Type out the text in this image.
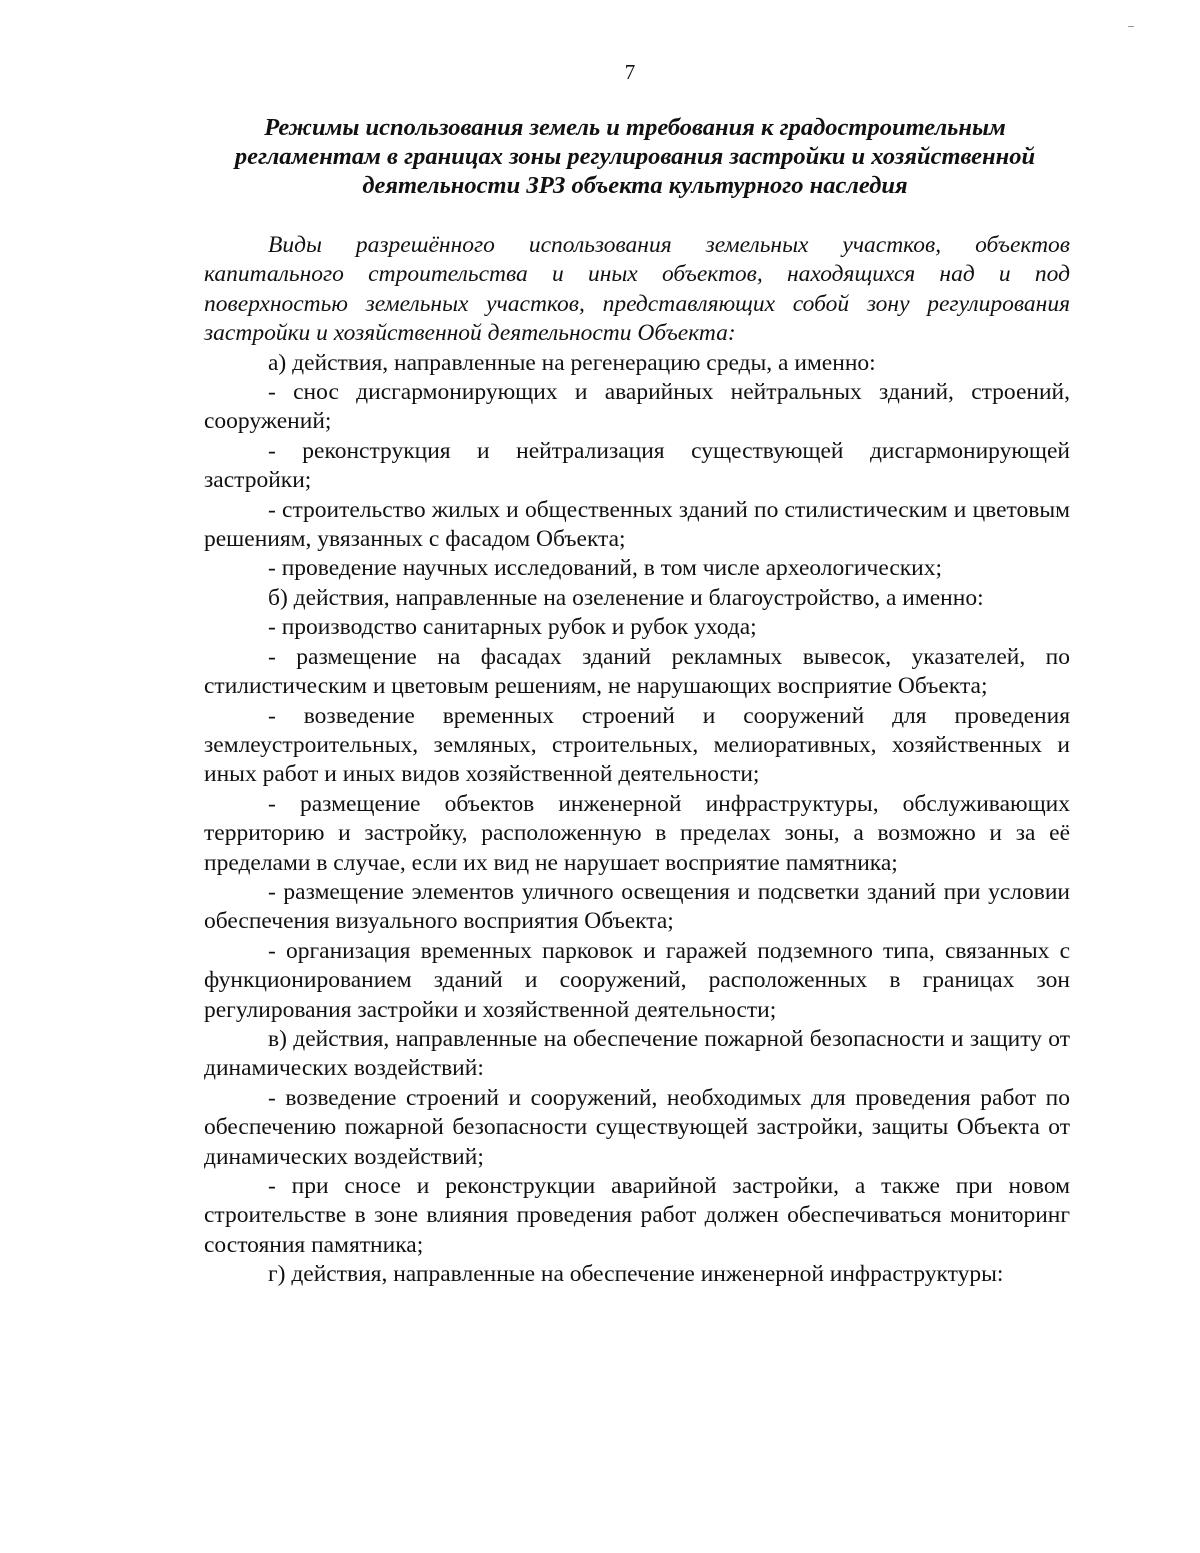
7
Режимы использования земель и требования к градостроительным регламентам в границах зоны регулирования застройки и хозяйственной деятельности ЗРЗ объекта культурного наследия

Виды разрешённого использования земельных участков, объектов капитального строительства и иных объектов, находящихся над и под поверхностью земельных участков, представляющих собой зону регулирования застройки и хозяйственной деятельности Объекта:

а) действия, направленные на регенерацию среды, а именно:

- снос дисгармонирующих и аварийных нейтральных зданий, строений, сооружений;

- реконструкция и нейтрализация существующей дисгармонирующей застройки;

- строительство жилых и общественных зданий по стилистическим и цветовым решениям, увязанных с фасадом Объекта;

- проведение научных исследований, в том числе археологических;

б) действия, направленные на озеленение и благоустройство, а именно:

- производство санитарных рубок и рубок ухода;

- размещение на фасадах зданий рекламных вывесок, указателей, по стилистическим и цветовым решениям, не нарушающих восприятие Объекта;

- возведение временных строений и сооружений для проведения землеустроительных, земляных, строительных, мелиоративных, хозяйственных и иных работ и иных видов хозяйственной деятельности;

- размещение объектов инженерной инфраструктуры, обслуживающих территорию и застройку, расположенную в пределах зоны, а возможно и за её пределами в случае, если их вид не нарушает восприятие памятника;

- размещение элементов уличного освещения и подсветки зданий при условии обеспечения визуального восприятия Объекта;

- организация временных парковок и гаражей подземного типа, связанных с функционированием зданий и сооружений, расположенных в границах зон регулирования застройки и хозяйственной деятельности;

в) действия, направленные на обеспечение пожарной безопасности и защиту от динамических воздействий:

- возведение строений и сооружений, необходимых для проведения работ по обеспечению пожарной безопасности существующей застройки, защиты Объекта от динамических воздействий;

- при сносе и реконструкции аварийной застройки, а также при новом строительстве в зоне влияния проведения работ должен обеспечиваться мониторинг состояния памятника;

г) действия, направленные на обеспечение инженерной инфраструктуры:
